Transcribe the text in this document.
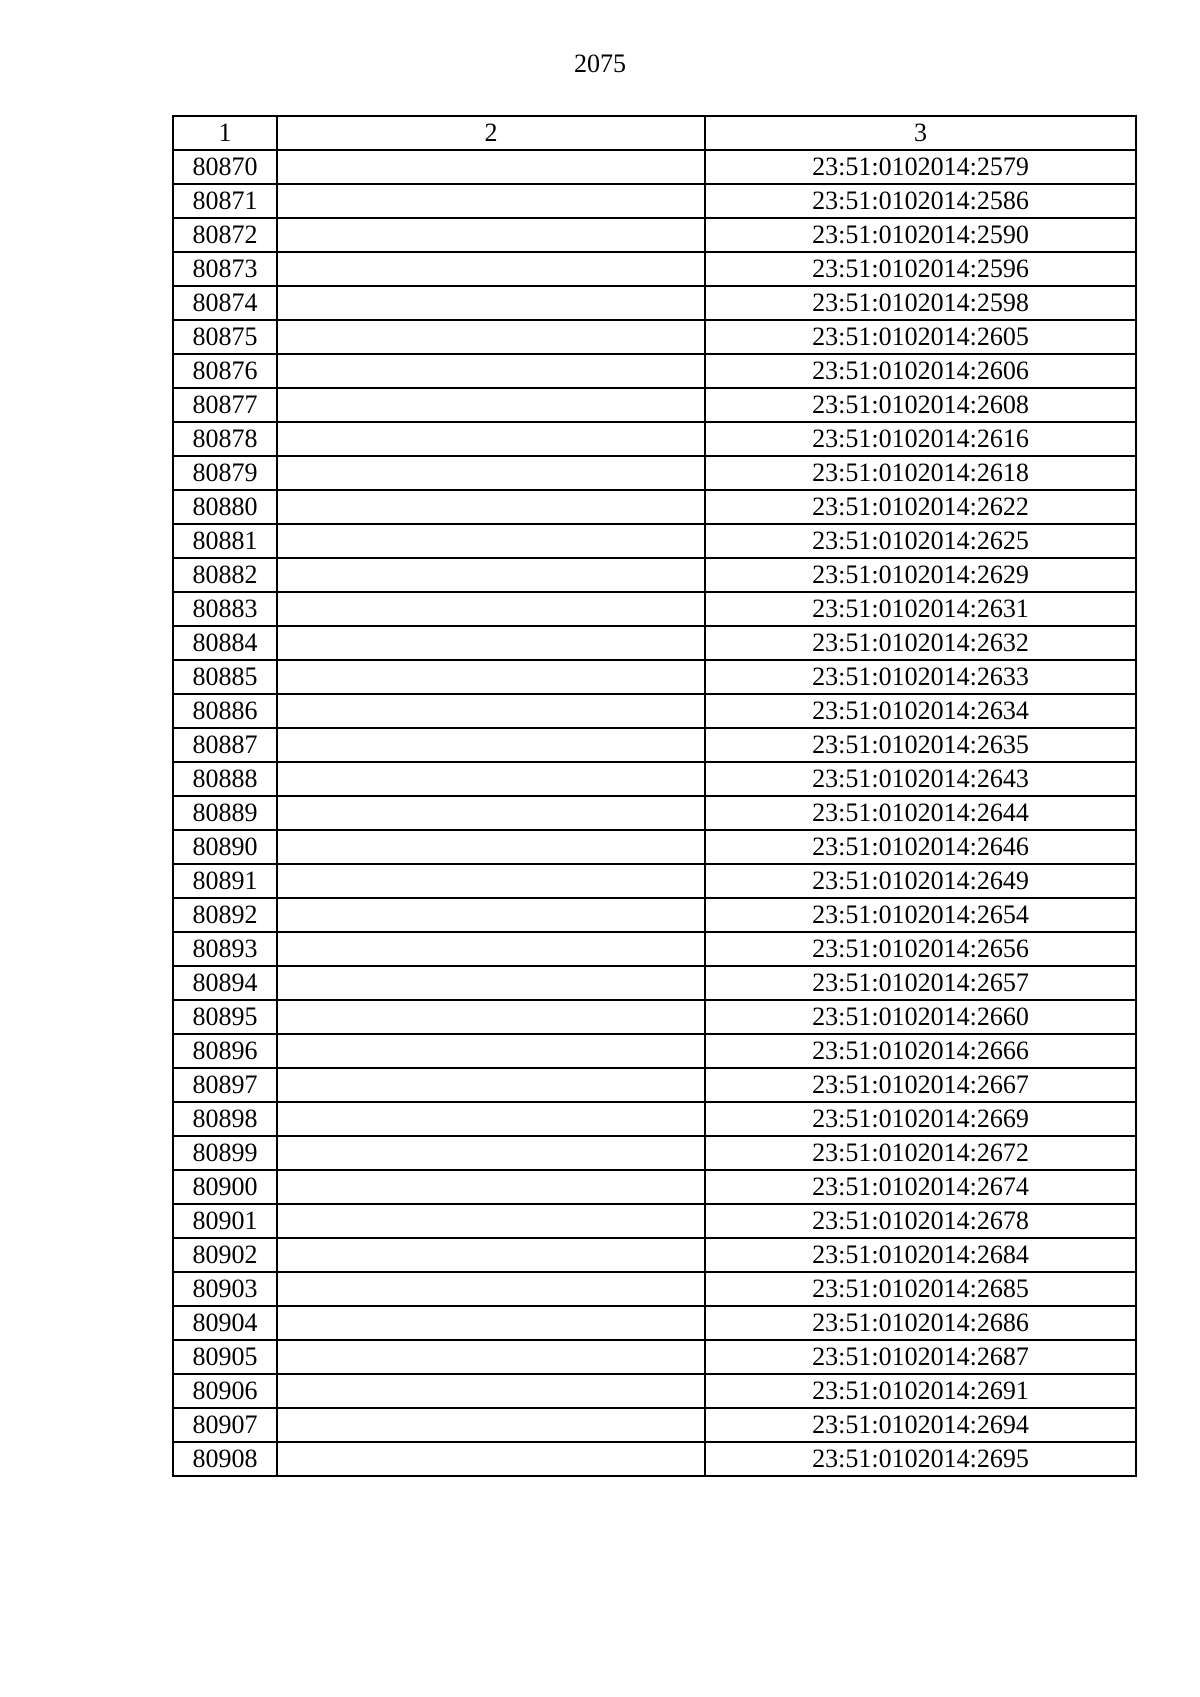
2075
1	2	3
80870		23:51:0102014:2579
80871		23:51:0102014:2586
80872		23:51:0102014:2590
80873		23:51:0102014:2596
80874		23:51:0102014:2598
80875		23:51:0102014:2605
80876		23:51:0102014:2606
80877		23:51:0102014:2608
80878		23:51:0102014:2616
80879		23:51:0102014:2618
80880		23:51:0102014:2622
80881		23:51:0102014:2625
80882		23:51:0102014:2629
80883		23:51:0102014:2631
80884		23:51:0102014:2632
80885		23:51:0102014:2633
80886		23:51:0102014:2634
80887		23:51:0102014:2635
80888		23:51:0102014:2643
80889		23:51:0102014:2644
80890		23:51:0102014:2646
80891		23:51:0102014:2649
80892		23:51:0102014:2654
80893		23:51:0102014:2656
80894		23:51:0102014:2657
80895		23:51:0102014:2660
80896		23:51:0102014:2666
80897		23:51:0102014:2667
80898		23:51:0102014:2669
80899		23:51:0102014:2672
80900		23:51:0102014:2674
80901		23:51:0102014:2678
80902		23:51:0102014:2684
80903		23:51:0102014:2685
80904		23:51:0102014:2686
80905		23:51:0102014:2687
80906		23:51:0102014:2691
80907		23:51:0102014:2694
80908		23:51:0102014:2695
